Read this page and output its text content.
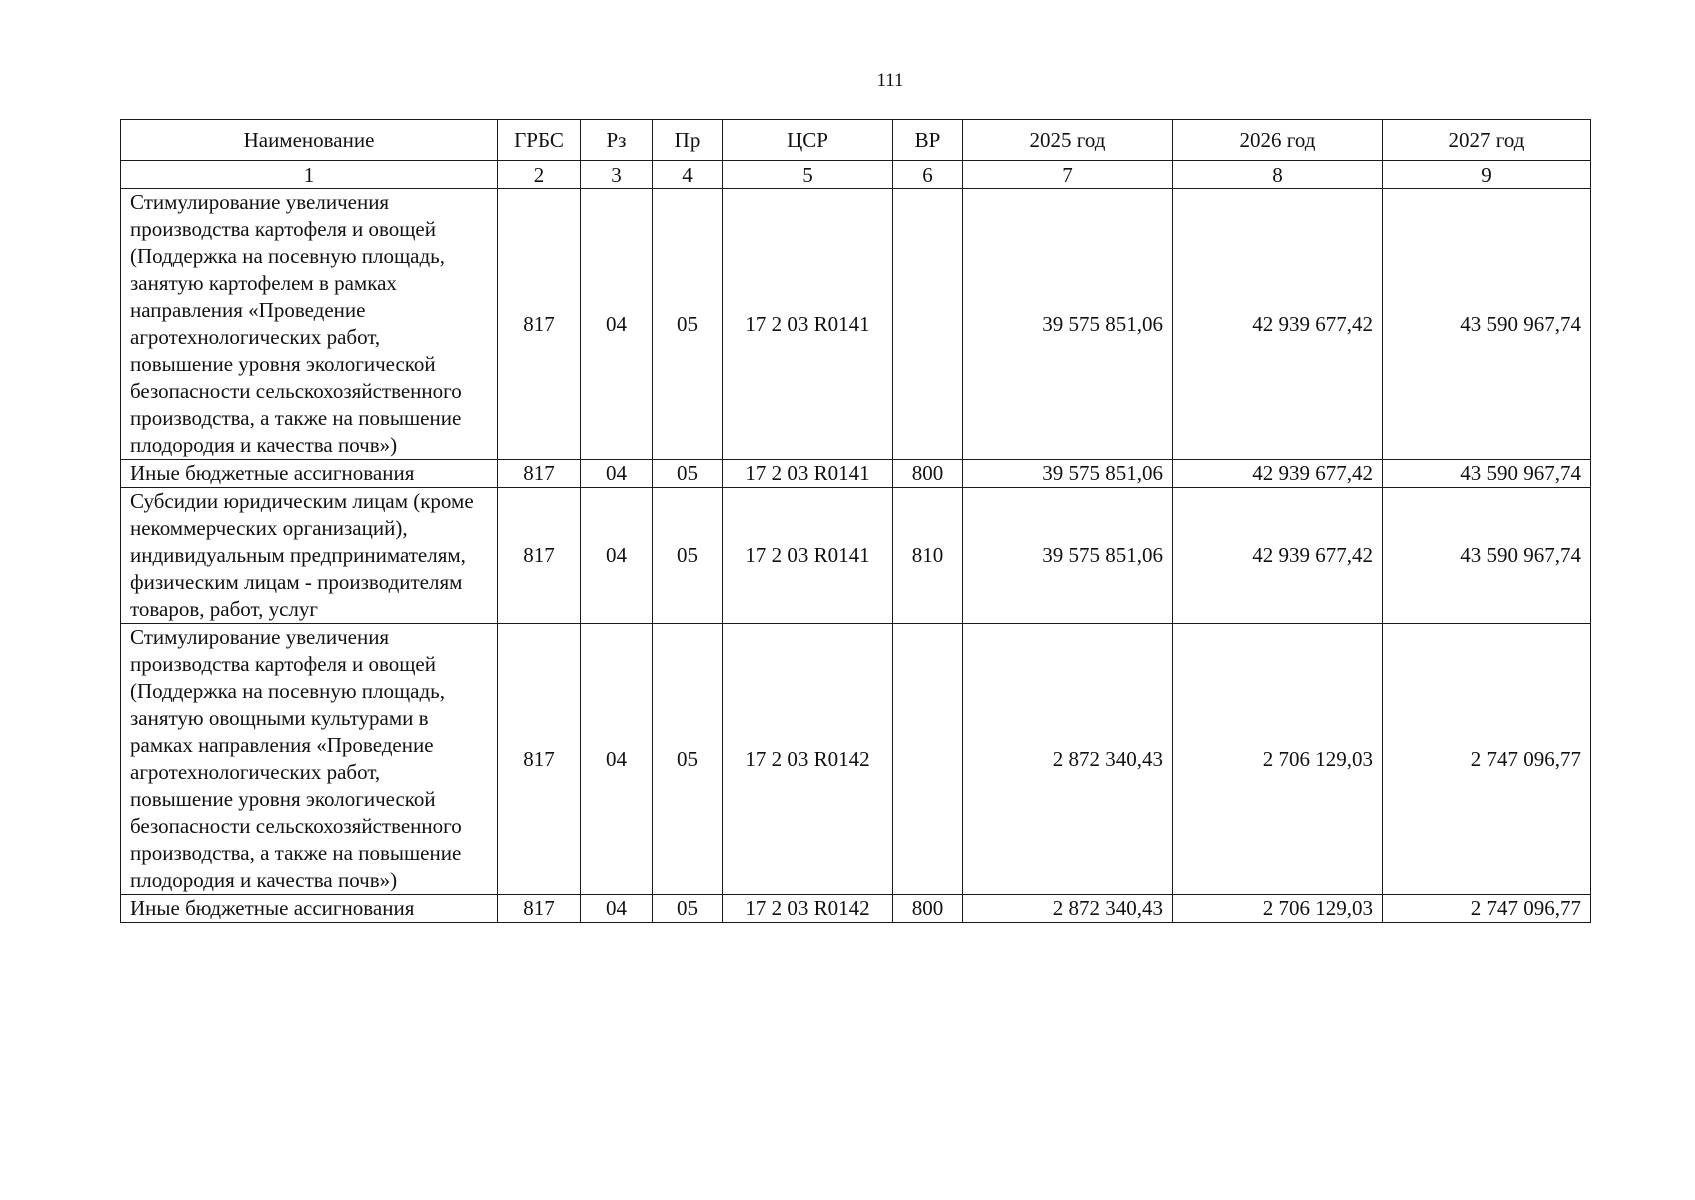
111
Наименование	ГРБС	Рз	Пр	ЦСР	ВР	2025 год	2026 год	2027 год
1	2	3	4	5	6	7	8	9
Стимулирование увеличения производства картофеля и овощей (Поддержка на посевную площадь, занятую картофелем в рамках направления «Проведение агротехнологических работ, повышение уровня экологической безопасности сельскохозяйственного производства, а также на повышение плодородия и качества почв»)	817	04	05	17 2 03 R0141		39 575 851,06	42 939 677,42	43 590 967,74
Иные бюджетные ассигнования	817	04	05	17 2 03 R0141	800	39 575 851,06	42 939 677,42	43 590 967,74
Субсидии юридическим лицам (кроме некоммерческих организаций), индивидуальным предпринимателям, физическим лицам - производителям товаров, работ, услуг	817	04	05	17 2 03 R0141	810	39 575 851,06	42 939 677,42	43 590 967,74
Стимулирование увеличения производства картофеля и овощей (Поддержка на посевную площадь, занятую овощными культурами в рамках направления «Проведение агротехнологических работ, повышение уровня экологической безопасности сельскохозяйственного производства, а также на повышение плодородия и качества почв»)	817	04	05	17 2 03 R0142		2 872 340,43	2 706 129,03	2 747 096,77
Иные бюджетные ассигнования	817	04	05	17 2 03 R0142	800	2 872 340,43	2 706 129,03	2 747 096,77
